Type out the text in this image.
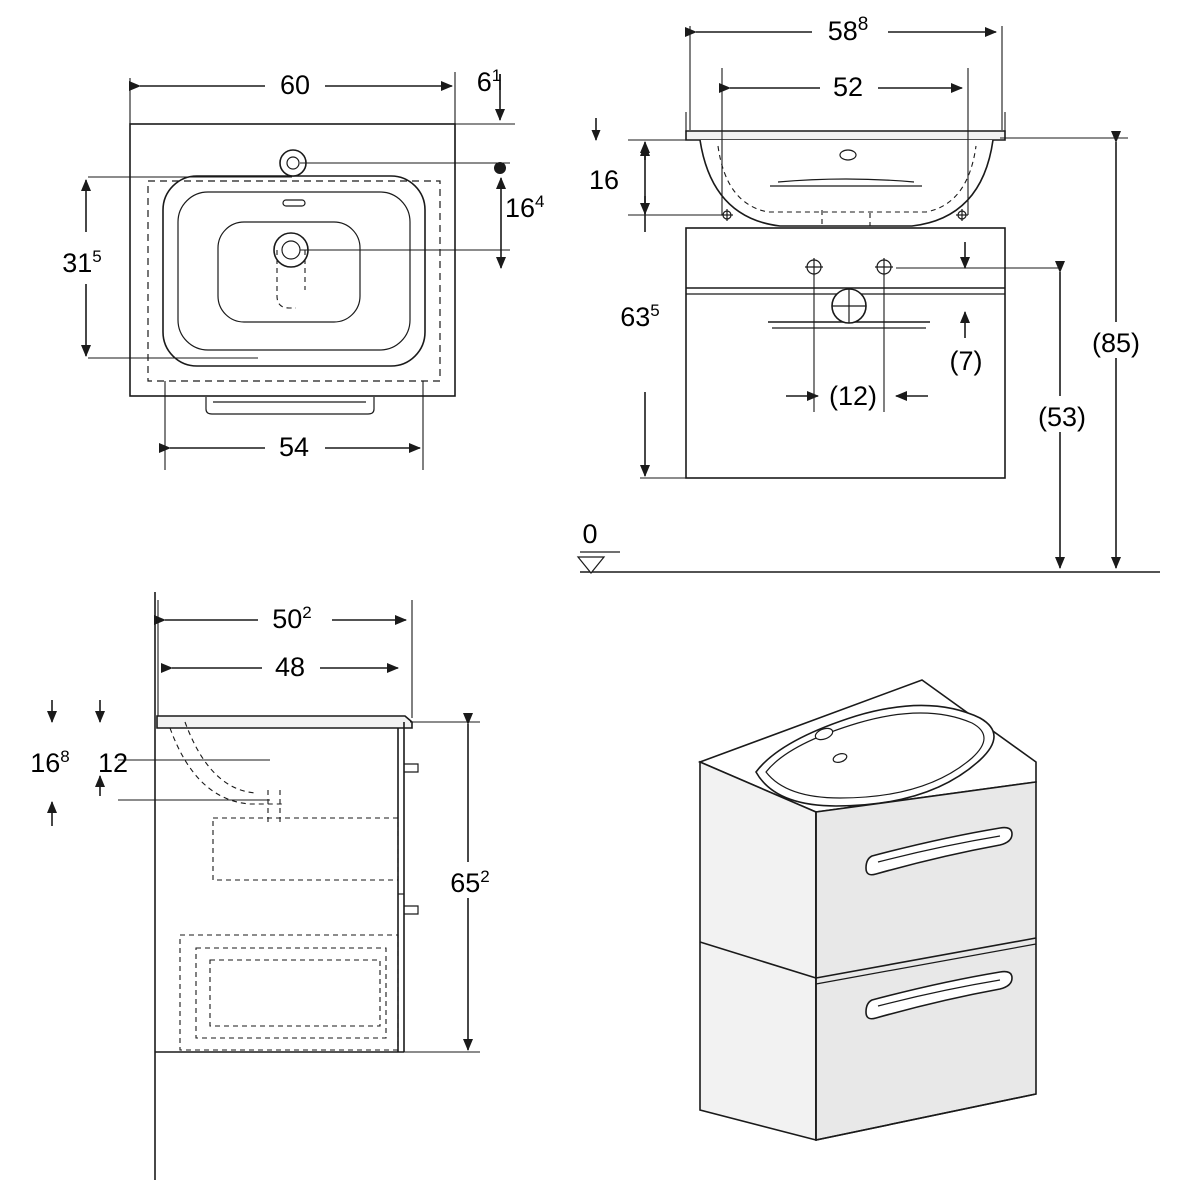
60	$6^1$
$16^4$
$31^5$
54
0
$58^8$
52
16
$63^5$
(7)
(12)
(85)
(53)
$50^2$
48
$16^8$ 12
$65^2$
